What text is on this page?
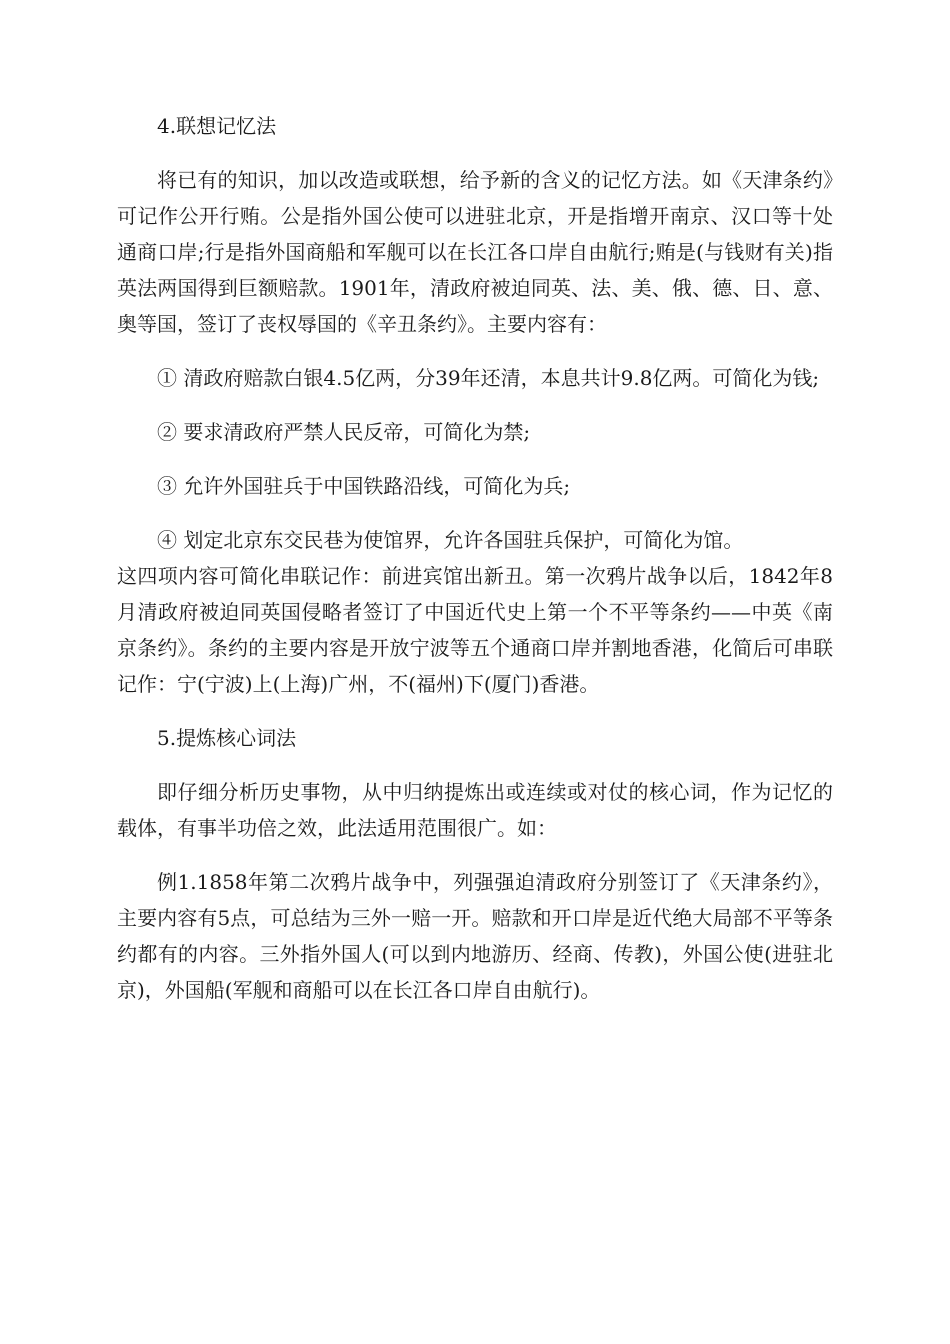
4.联想记忆法

将已有的知识，加以改造或联想，给予新的含义的记忆方法。如《天津条约》可记作公开行贿。公是指外国公使可以进驻北京，开是指增开南京、汉口等十处通商口岸;行是指外国商船和军舰可以在长江各口岸自由航行;贿是(与钱财有关)指英法两国得到巨额赔款。1901年，清政府被迫同英、法、美、俄、德、日、意、奥等国，签订了丧权辱国的《辛丑条约》。主要内容有：

① 清政府赔款白银4.5亿两，分39年还清，本息共计9.8亿两。可简化为钱;

② 要求清政府严禁人民反帝，可简化为禁;

③ 允许外国驻兵于中国铁路沿线，可简化为兵;

④ 划定北京东交民巷为使馆界，允许各国驻兵保护，可简化为馆。

这四项内容可简化串联记作：前进宾馆出新丑。第一次鸦片战争以后，1842年8月清政府被迫同英国侵略者签订了中国近代史上第一个不平等条约——中英《南京条约》。条约的主要内容是开放宁波等五个通商口岸并割地香港，化简后可串联记作：宁(宁波)上(上海)广州，不(福州)下(厦门)香港。

5.提炼核心词法

即仔细分析历史事物，从中归纳提炼出或连续或对仗的核心词，作为记忆的载体，有事半功倍之效，此法适用范围很广。如：

例1.1858年第二次鸦片战争中，列强强迫清政府分别签订了《天津条约》，主要内容有5点，可总结为三外一赔一开。赔款和开口岸是近代绝大局部不平等条约都有的内容。三外指外国人(可以到内地游历、经商、传教)，外国公使(进驻北京)，外国船(军舰和商船可以在长江各口岸自由航行)。
